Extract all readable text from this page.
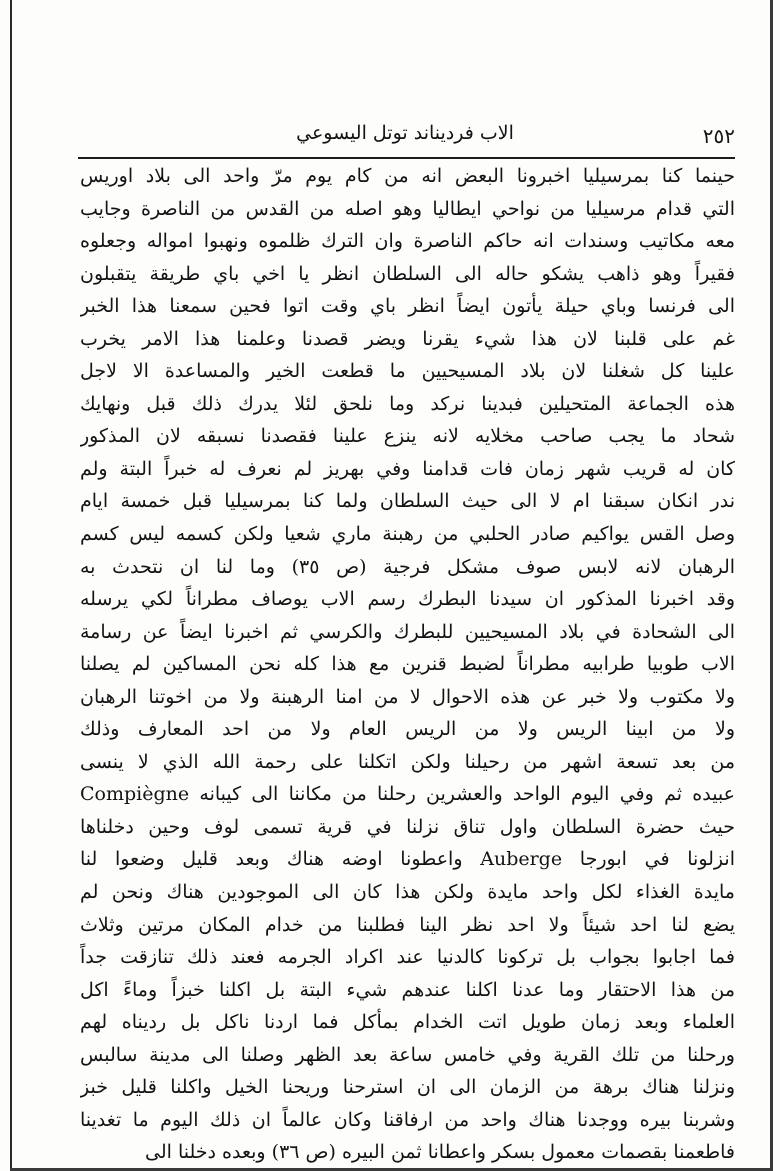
٢٥٢
الاب فرديناند توتل اليسوعي
حينما كنا بمرسيليا اخبرونا البعض انه من كام يوم مرّ واحد الى بلاد اوريس
التي قدام مرسيليا من نواحي ايطاليا وهو اصله من القدس من الناصرة وجايب
معه مكاتيب وسندات انه حاكم الناصرة وان الترك ظلموه ونهبوا امواله وجعلوه
فقيراً وهو ذاهب يشكو حاله الى السلطان انظر يا اخي باي طريقة يتقبلون
الى فرنسا وباي حيلة يأتون ايضاً انظر باي وقت اتوا فحين سمعنا هذا الخبر
غم على قلبنا لان هذا شيء يقرنا ويضر قصدنا وعلمنا هذا الامر يخرب
علينا كل شغلنا لان بلاد المسيحيين ما قطعت الخير والمساعدة الا لاجل
هذه الجماعة المتحيلين فبدينا نركد وما نلحق لئلا يدرك ذلك قبل ونهايك
شحاد ما يجب صاحب مخلايه لانه ينزع علينا فقصدنا نسبقه لان المذكور
كان له قريب شهر زمان فات قدامنا وفي بهريز لم نعرف له خبراً البتة ولم
ندر انكان سبقنا ام لا الى حيث السلطان ولما كنا بمرسيليا قبل خمسة ايام
وصل القس يواكيم صادر الحلبي من رهبنة ماري شعيا ولكن كسمه ليس كسم
الرهبان لانه لابس صوف مشكل فرجية (ص ٣٥) وما لنا ان نتحدث به
وقد اخبرنا المذكور ان سيدنا البطرك رسم الاب يوصاف مطراناً لكي يرسله
الى الشحادة في بلاد المسيحيين للبطرك والكرسي ثم اخبرنا ايضاً عن رسامة
الاب طوبيا طرابيه مطراناً لضبط قنرين مع هذا كله نحن المساكين لم يصلنا
ولا مكتوب ولا خبر عن هذه الاحوال لا من امنا الرهبنة ولا من اخوتنا الرهبان
ولا من ابينا الريس ولا من الريس العام ولا من احد المعارف وذلك
من بعد تسعة اشهر من رحيلنا ولكن اتكلنا على رحمة الله الذي لا ينسى
عبيده ثم وفي اليوم الواحد والعشرين رحلنا من مكاننا الى كيبانه Compiègne
حيث حضرة السلطان واول تناق نزلنا في قرية تسمى لوف وحين دخلناها
انزلونا في ابورجا Auberge واعطونا اوضه هناك وبعد قليل وضعوا لنا
مايدة الغذاء لكل واحد مايدة ولكن هذا كان الى الموجودين هناك ونحن لم
يضع لنا احد شيئاً ولا احد نظر الينا فطلبنا من خدام المكان مرتين وثلاث
فما اجابوا بجواب بل تركونا كالدنيا عند اكراد الجرمه فعند ذلك تنازقت جداً
من هذا الاحتقار وما عدنا اكلنا عندهم شيء البتة بل اكلنا خبزاً وماءً اكل
العلماء وبعد زمان طويل اتت الخدام بمأكل فما اردنا ناكل بل رديناه لهم
ورحلنا من تلك القرية وفي خامس ساعة بعد الظهر وصلنا الى مدينة سالبس
ونزلنا هناك برهة من الزمان الى ان استرحنا وريحنا الخيل واكلنا قليل خبز
وشربنا بيره ووجدنا هناك واحد من ارفاقنا وكان عالماً ان ذلك اليوم ما تغدينا
فاطعمنا بقصمات معمول بسكر واعطانا ثمن البيره (ص ٣٦) وبعده دخلنا الى
